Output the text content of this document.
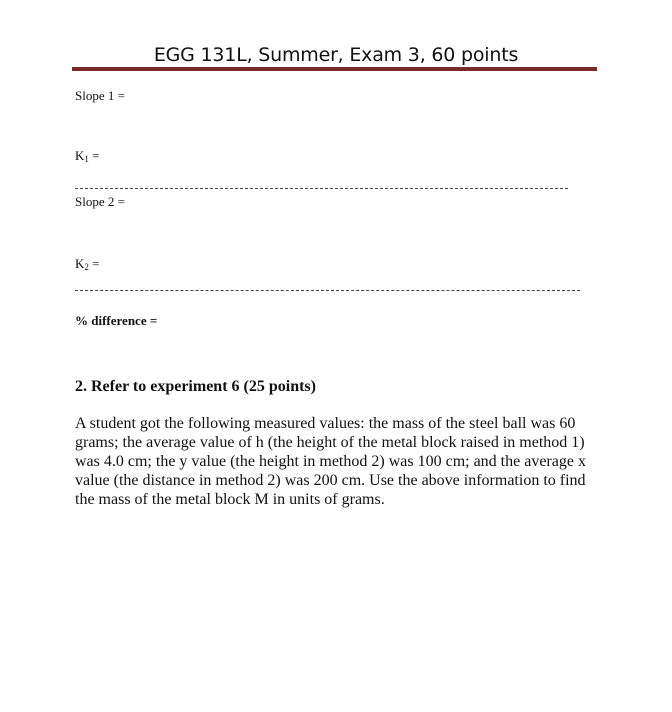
EGG 131L, Summer, Exam 3, 60 points
Slope 1 =
$K_1$ =
Slope 2 =
$K_2$ =
% difference =
2. Refer to experiment 6 (25 points)
A student got the following measured values: the mass of the steel ball was 60 grams; the average value of h (the height of the metal block raised in method 1) was 4.0 cm; the y value (the height in method 2) was 100 cm; and the average x value (the distance in method 2) was 200 cm. Use the above information to find the mass of the metal block M in units of grams.
